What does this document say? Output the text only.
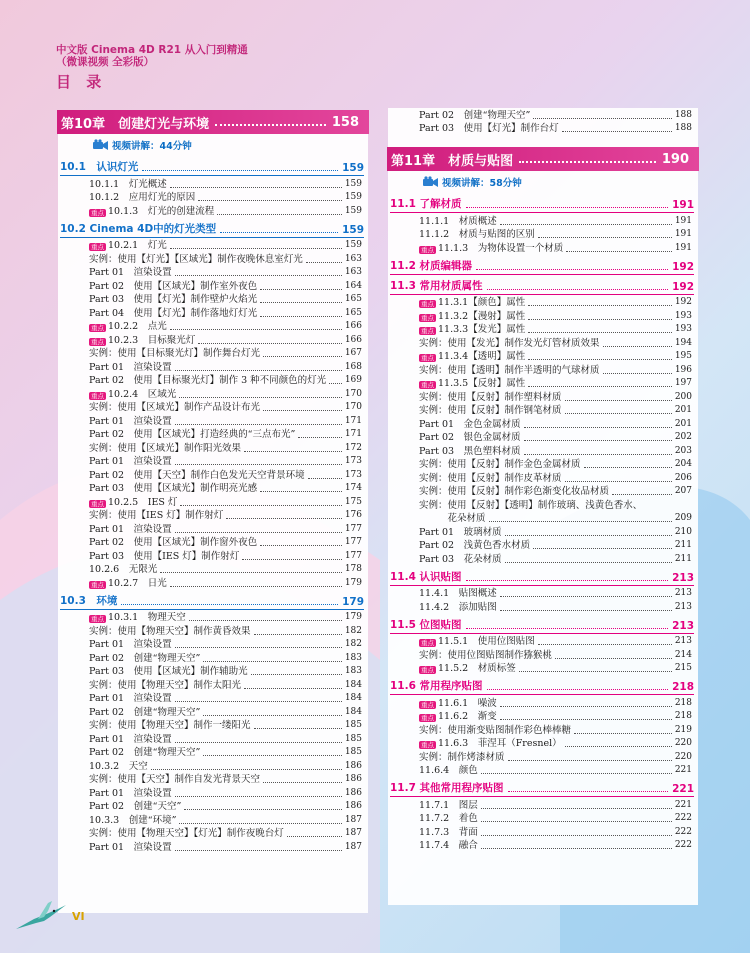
中文版 Cinema 4D R21 从入门到精通
（微课视频 全彩版）
目 录
第10章　创建灯光与环境	158
视频讲解：44分钟
10.1　认识灯光	159
10.1.1　灯光概述	159
10.1.2　应用灯光的原因	159
重点 10.1.3　灯光的创建流程	159
10.2 Cinema 4D中的灯光类型	159
重点 10.2.1　灯光	159
实例：使用【灯光】【区域光】制作夜晚休息室灯光	163
Part 01　渲染设置	163
Part 02　使用【区域光】制作室外夜色	164
Part 03　使用【灯光】制作壁炉火焰光	165
Part 04　使用【灯光】制作落地灯灯光	165
重点 10.2.2　点光	166
重点 10.2.3　目标聚光灯	166
实例：使用【目标聚光灯】制作舞台灯光	167
Part 01　渲染设置	168
Part 02　使用【目标聚光灯】制作 3 种不同颜色的灯光 169
重点 10.2.4　区域光	170
实例：使用【区域光】制作产品设计布光	170
Part 01　渲染设置	171
Part 02　使用【区域光】打造经典的“三点布光”	171
实例：使用【区域光】制作阳光效果	172
Part 01　渲染设置	173
Part 02　使用【天空】制作白色发光天空背景环境	173
Part 03　使用【区域光】制作明亮光感	174
重点 10.2.5　IES 灯	175
实例：使用【IES 灯】制作射灯	176
Part 01　渲染设置	177
Part 02　使用【区域光】制作窗外夜色	177
Part 03　使用【IES 灯】制作射灯	177
10.2.6　无限光	178
重点 10.2.7　日光	179
10.3　环境	179
重点 10.3.1　物理天空	179
实例：使用【物理天空】制作黄昏效果	182
Part 01　渲染设置	182
Part 02　创建“物理天空”	183
Part 03　使用【区域光】制作辅助光	183
实例：使用【物理天空】制作太阳光	184
Part 01　渲染设置	184
Part 02　创建“物理天空”	184
实例：使用【物理天空】制作一缕阳光	185
Part 01　渲染设置	185
Part 02　创建“物理天空”	185
10.3.2　天空	186
实例：使用【天空】制作自发光背景天空	186
Part 01　渲染设置	186
Part 02　创建“天空”	186
10.3.3　创建“环境”	187
实例：使用【物理天空】【灯光】制作夜晚台灯	187
Part 01　渲染设置	187
Part 02　创建“物理天空”	188
Part 03　使用【灯光】制作台灯	188
第11章　材质与贴图	190
视频讲解：58分钟
11.1 了解材质	191
11.1.1　材质概述	191
11.1.2　材质与贴图的区别	191
重点 11.1.3　为物体设置一个材质	191
11.2 材质编辑器	192
11.3 常用材质属性	192
重点 11.3.1【颜色】属性	192
重点 11.3.2【漫射】属性	193
重点 11.3.3【发光】属性	193
实例：使用【发光】制作发光灯管材质效果	194
重点 11.3.4【透明】属性	195
实例：使用【透明】制作半透明的气球材质	196
重点 11.3.5【反射】属性	197
实例：使用【反射】制作塑料材质	200
实例：使用【反射】制作钢笔材质	201
Part 01　金色金属材质	201
Part 02　银色金属材质	202
Part 03　黑色塑料材质	203
实例：使用【反射】制作金色金属材质	204
实例：使用【反射】制作皮革材质	206
实例：使用【反射】制作彩色渐变化妆品材质	207
实例：使用【反射】【透明】制作玻璃、浅黄色香水、
　　　花朵材质	209
Part 01　玻璃材质	210
Part 02　浅黄色香水材质	211
Part 03　花朵材质	211
11.4 认识贴图	213
11.4.1　贴图概述	213
11.4.2　添加贴图	213
11.5 位图贴图	213
重点 11.5.1　使用位图贴图	213
实例：使用位图贴图制作猕猴桃	214
重点 11.5.2　材质标签	215
11.6 常用程序贴图	218
重点 11.6.1　噪波	218
重点 11.6.2　渐变	218
实例：使用渐变贴图制作彩色棒棒糖	219
重点 11.6.3　菲涅耳（Fresnel）	220
实例：制作烤漆材质	220
11.6.4　颜色	221
11.7 其他常用程序贴图	221
11.7.1　图层	221
11.7.2　着色	222
11.7.3　背面	222
11.7.4　融合	222
VI
